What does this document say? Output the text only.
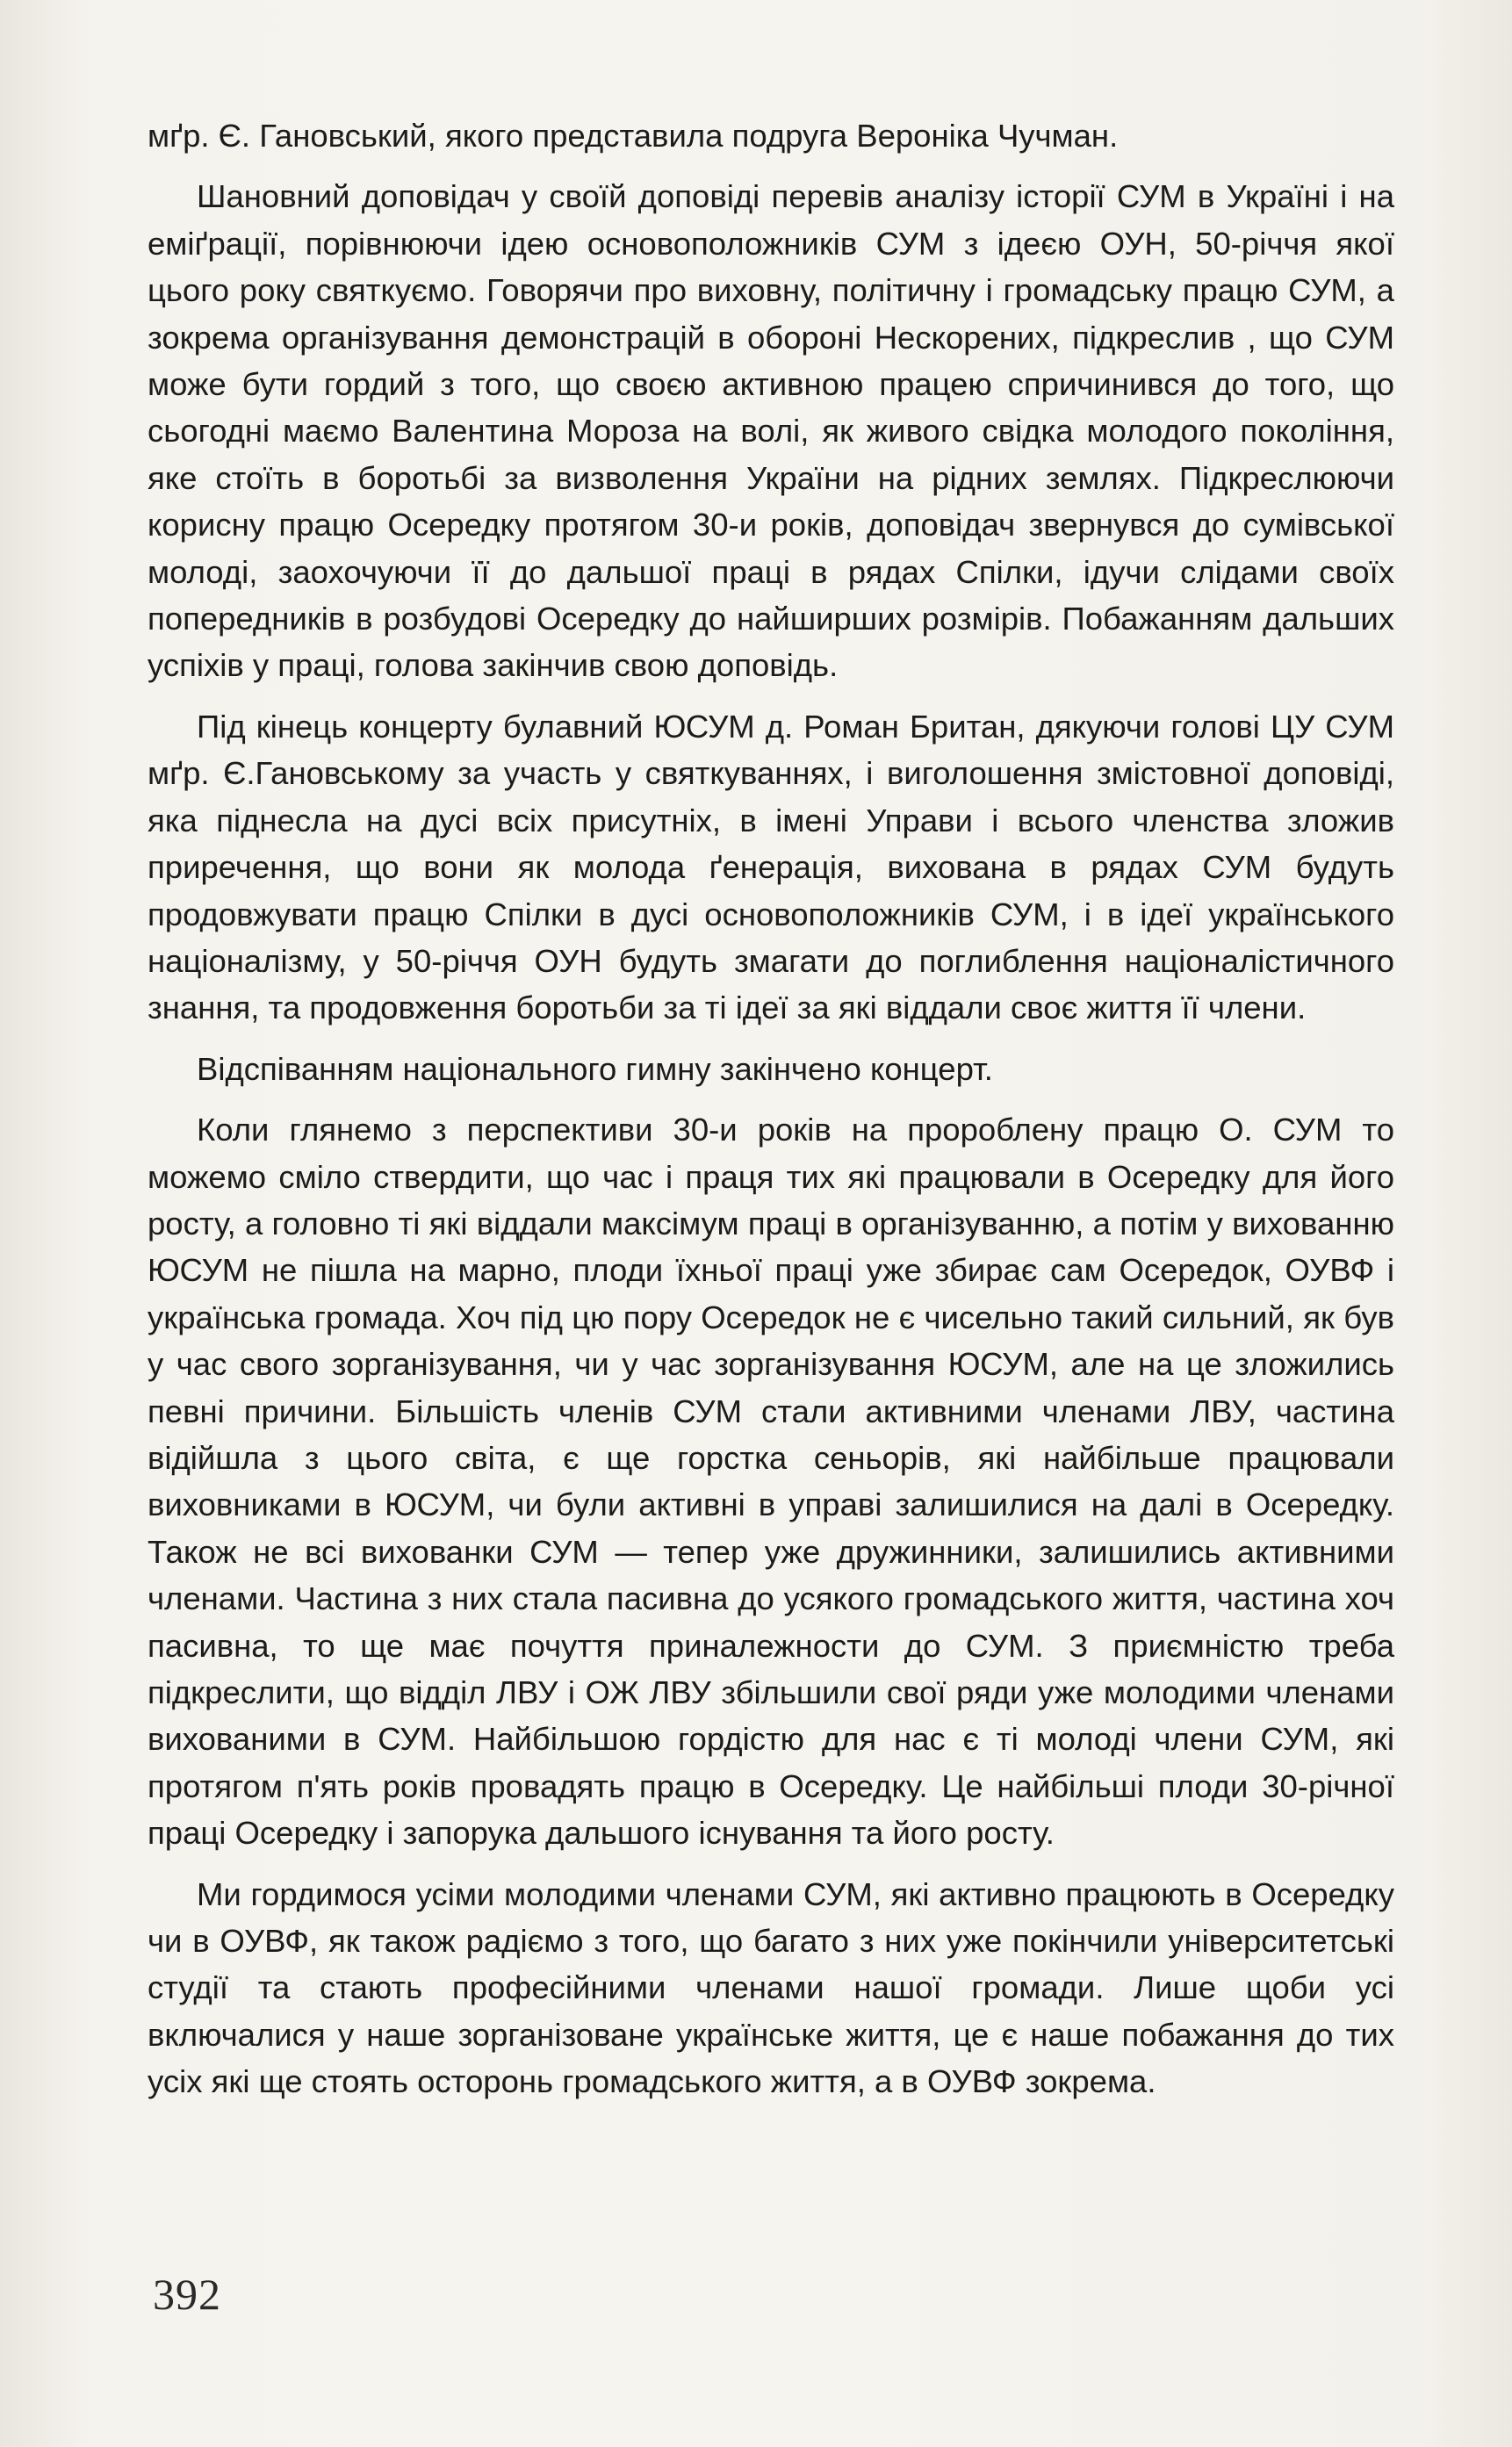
мґр. Є. Гановський, якого представила подруга Вероніка Чучман.

Шановний доповідач у своїй доповіді перевів аналізу історії СУМ в Україні і на еміґрації, порівнюючи ідею основоположників СУМ з ідеєю ОУН, 50-річчя якої цього року святкуємо. Говорячи про виховну, політичну і громадську працю СУМ, а зокрема організування демонстрацій в обороні Нескорених, підкреслив , що СУМ може бути гордий з того, що своєю активною працею спричинився до того, що сьогодні маємо Валентина Мороза на волі, як живого свідка молодого покоління, яке стоїть в боротьбі за визволення України на рідних землях. Підкреслюючи корисну працю Осередку протягом 30-и років, доповідач звернувся до сумівської молоді, заохочуючи її до дальшої праці в рядах Спілки, ідучи слідами своїх попередників в розбудові Осередку до найширших розмірів. Побажанням дальших успіхів у праці, голова закінчив свою доповідь.

Під кінець концерту булавний ЮСУМ д. Роман Британ, дякуючи голові ЦУ СУМ мґр. Є.Гановському за участь у святкуваннях, і виголошення змістовної доповіді, яка піднесла на дусі всіх присутніх, в імені Управи і всього членства зложив приречення, що вони як молода ґенерація, вихована в рядах СУМ будуть продовжувати працю Спілки в дусі основоположників СУМ, і в ідеї українського націоналізму, у 50-річчя ОУН будуть змагати до поглиблення націоналістичного знання, та продовження боротьби за ті ідеї за які віддали своє життя її члени.

Відспіванням національного гимну закінчено концерт.

Коли глянемо з перспективи 30-и років на пророблену працю О. СУМ то можемо сміло ствердити, що час і праця тих які працювали в Осередку для його росту, а головно ті які віддали максімум праці в організуванню, а потім у вихованню ЮСУМ не пішла на марно, плоди їхньої праці уже збирає сам Осередок, ОУВФ і українська громада. Хоч під цю пору Осередок не є чисельно такий сильний, як був у час свого зорганізування, чи у час зорганізування ЮСУМ, але на це зложились певні причини. Більшість членів СУМ стали активними членами ЛВУ, частина відійшла з цього світа, є ще горстка сеньорів, які найбільше працювали виховниками в ЮСУМ, чи були активні в управі залишилися на далі в Осередку. Також не всі вихованки СУМ — тепер уже дружинники, залишились активними членами. Частина з них стала пасивна до усякого громадського життя, частина хоч пасивна, то ще має почуття приналежности до СУМ. З приємністю треба підкреслити, що відділ ЛВУ і ОЖ ЛВУ збільшили свої ряди уже молодими членами вихованими в СУМ. Найбільшою гордістю для нас є ті молоді члени СУМ, які протягом п'ять років провадять працю в Осередку. Це найбільші плоди 30-річної праці Осередку і запорука дальшого існування та його росту.

Ми гордимося усіми молодими членами СУМ, які активно працюють в Осередку чи в ОУВФ, як також радіємо з того, що багато з них уже покінчили університетські студії та стають професійними членами нашої громади. Лише щоби усі включалися у наше зорганізоване українське життя, це є наше побажання до тих усіх які ще стоять осторонь громадського життя, а в ОУВФ зокрема.

392
